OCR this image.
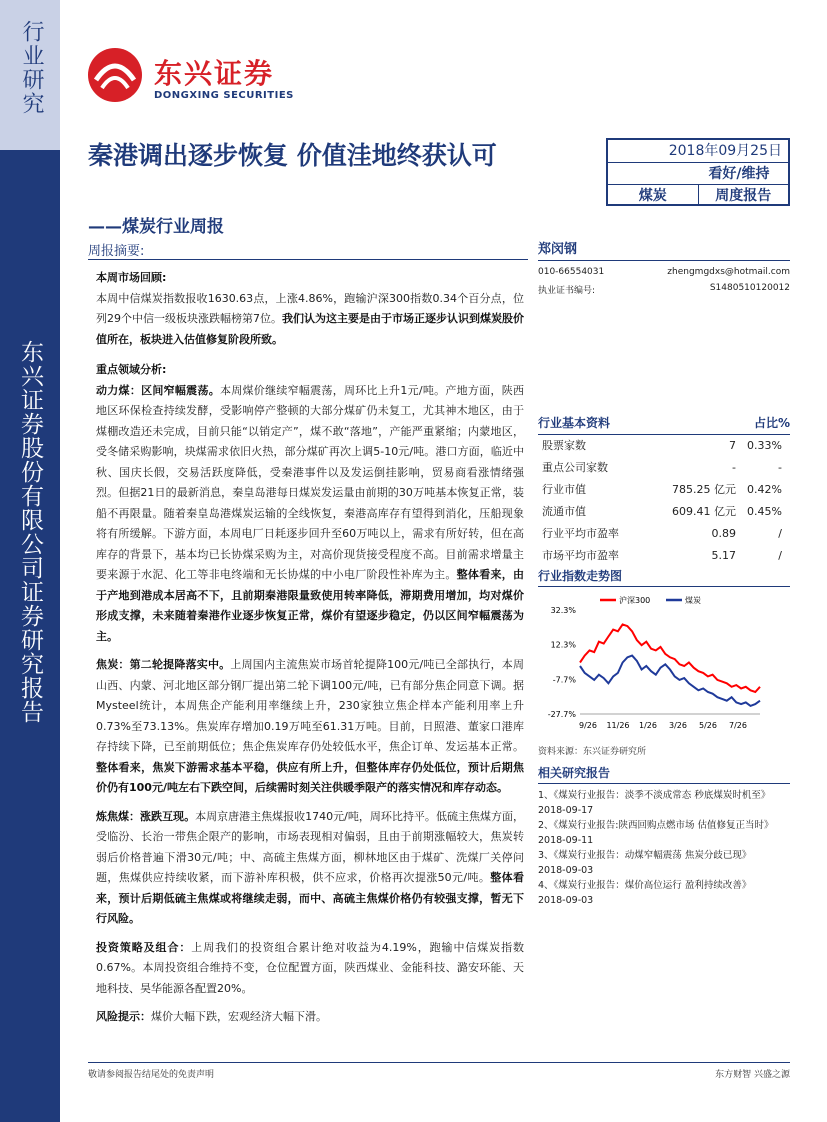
行业研究
东兴证券股份有限公司证券研究报告
东兴证券
DONGXING SECURITIES
秦港调出逐步恢复 价值洼地终获认可
——煤炭行业周报
2018年09月25日
看好/维持
煤炭	周度报告
周报摘要:

本周市场回顾:

本周中信煤炭指数报收1630.63点，上涨4.86%，跑输沪深300指数0.34个百分点，位列29个中信一级板块涨跌幅榜第7位。我们认为这主要是由于市场正逐步认识到煤炭股价值所在，板块进入估值修复阶段所致。

重点领域分析:

动力煤：区间窄幅震荡。本周煤价继续窄幅震荡，周环比上升1元/吨。产地方面，陕西地区环保检查持续发酵，受影响停产整顿的大部分煤矿仍未复工，尤其神木地区，由于煤棚改造还未完成，目前只能“以销定产”，煤不敢“落地”，产能严重紧缩；内蒙地区，受冬储采购影响，块煤需求依旧火热，部分煤矿再次上调5-10元/吨。港口方面，临近中秋、国庆长假，交易活跃度降低，受秦港事件以及发运倒挂影响，贸易商看涨情绪强烈。但据21日的最新消息，秦皇岛港每日煤炭发运量由前期的30万吨基本恢复正常，装船不再限量。随着秦皇岛港煤炭运输的全线恢复，秦港高库存有望得到消化，压船现象将有所缓解。下游方面，本周电厂日耗逐步回升至60万吨以上，需求有所好转，但在高库存的背景下，基本均已长协煤采购为主，对高价现货接受程度不高。目前需求增量主要来源于水泥、化工等非电终端和无长协煤的中小电厂阶段性补库为主。整体看来，由于产地到港成本居高不下，且前期秦港限量致使用转率降低，滞期费用增加，均对煤价形成支撑，未来随着秦港作业逐步恢复正常，煤价有望逐步稳定，仍以区间窄幅震荡为主。

焦炭：第二轮提降落实中。上周国内主流焦炭市场首轮提降100元/吨已全部执行，本周山西、内蒙、河北地区部分钢厂提出第二轮下调100元/吨，已有部分焦企同意下调。据Mysteel统计，本周焦企产能利用率继续上升，230家独立焦企样本产能利用率上升0.73%至73.13%。焦炭库存增加0.19万吨至61.31万吨。目前，日照港、董家口港库存持续下降，已至前期低位；焦企焦炭库存仍处较低水平，焦企订单、发运基本正常。整体看来，焦炭下游需求基本平稳，供应有所上升，但整体库存仍处低位，预计后期焦价仍有100元/吨左右下跌空间，后续需时刻关注供暖季限产的落实情况和库存动态。

炼焦煤：涨跌互现。本周京唐港主焦煤报收1740元/吨，周环比持平。低硫主焦煤方面，受临汾、长治一带焦企限产的影响，市场表现相对偏弱，且由于前期涨幅较大，焦炭转弱后价格普遍下滑30元/吨；中、高硫主焦煤方面，柳林地区由于煤矿、洗煤厂关停问题，焦煤供应持续收紧，而下游补库积极，供不应求，价格再次提涨50元/吨。整体看来，预计后期低硫主焦煤或将继续走弱，而中、高硫主焦煤价格仍有较强支撑，暂无下行风险。

投资策略及组合：上周我们的投资组合累计绝对收益为4.19%，跑输中信煤炭指数0.67%。本周投资组合维持不变，仓位配置方面，陕西煤业、金能科技、潞安环能、天地科技、昊华能源各配置20%。

风险提示：煤价大幅下跌，宏观经济大幅下滑。

郑闵钢
010-66554031	zhengmgdxs@hotmail.com
执业证书编号:	S1480510120012
行业基本资料	占比%
股票家数	7	0.33%
重点公司家数	-	-
行业市值	785.25 亿元	0.42%
流通市值	609.41 亿元	0.45%
行业平均市盈率	0.89	/
市场平均市盈率	5.17	/
行业指数走势图
32.3%
12.3%
-7.7%
-27.7%
9/26 11/26 1/26 3/26 5/26 7/26
沪深300	煤炭
资料来源：东兴证券研究所
相关研究报告
1、《煤炭行业报告：淡季不淡成常态 秒底煤炭时机至》
2018-09-17
2、《煤炭行业报告:陕西回购点燃市场 估值修复正当时》
2018-09-11
3、《煤炭行业报告：动煤窄幅震荡 焦炭分歧已现》
2018-09-03
4、《煤炭行业报告：煤价高位运行 盈利持续改善》
2018-09-03
敬请参阅报告结尾处的免责声明	东方财智 兴盛之源
